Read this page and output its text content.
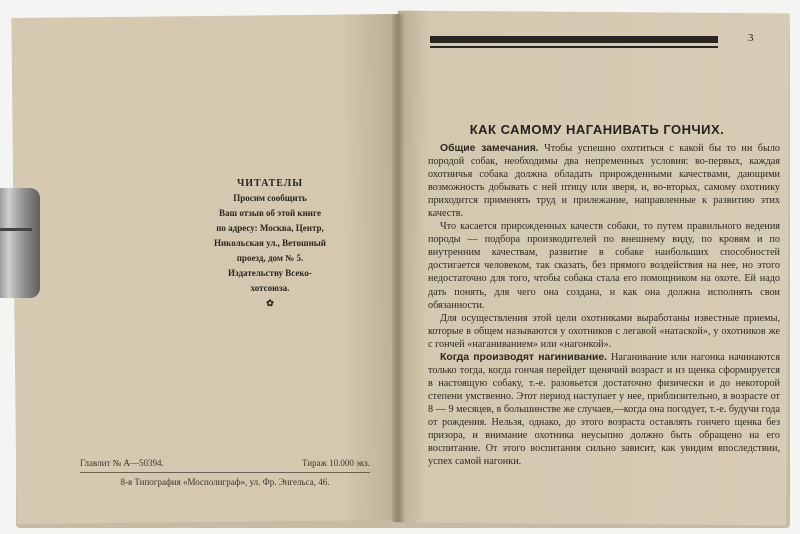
ЧИТАТЕЛЫ
Просим сообщить
Ваш отзыв об этой книге
по адресу: Москва, Центр,
Никольская ул., Ветошный
проезд, дом № 5.
Издательству Всеко-
хотсоюза.
✿
Главлит № А—50394.	Тираж 10.000 экз.
8-я Типография «Мосполиграф», ул. Фр. Энгельса, 46.
3
КАК САМОМУ НАГАНИВАТЬ ГОНЧИХ.

Общие замечания. Чтобы успешно охотиться с какой бы то ни было породой собак, необходимы два непременных условия: во-первых, каждая охотничья собака должна обладать прирожденными качествами, дающими возможность добывать с ней птицу или зверя, и, во-вторых, самому охотнику приходится применять труд и прилежание, направленные к развитию этих качеств.

Что касается прирожденных качеств собаки, то путем правильного ведения породы — подбора производителей по внешнему виду, по кровям и по внутренним качествам, развитие в собаке наибольших способностей достигается человеком, так сказать, без прямого воздействия на нее, но этого недостаточно для того, чтобы собака стала его помощником на охоте. Ей надо дать понять, для чего она создана, и как она должна исполнять свои обязанности.

Для осуществления этой цели охотниками выработаны известные приемы, которые в общем называются у охотников с легавой «натаской», у охотников же с гончей «наганиванием» или «нагонкой».

Когда производят нагинивание. Наганивание или нагонка начинаются только тогда, когда гончая перейдет щенячий возраст и из щенка сформируется в настоящую собаку, т.-е. разовьется достаточно физически и до некоторой степени умственно. Этот период наступает у нее, приблизительно, в возрасте от 8 — 9 месяцев, в большинстве же случаев,—когда она погодует, т.-е. будучи года от рождения. Нельзя, однако, до этого возраста оставлять гончего щенка без призора, и внимание охотника неусыпно должно быть обращено на его воспитание. От этого воспитания сильно зависит, как увидим впоследствии, успех самой нагонки.
